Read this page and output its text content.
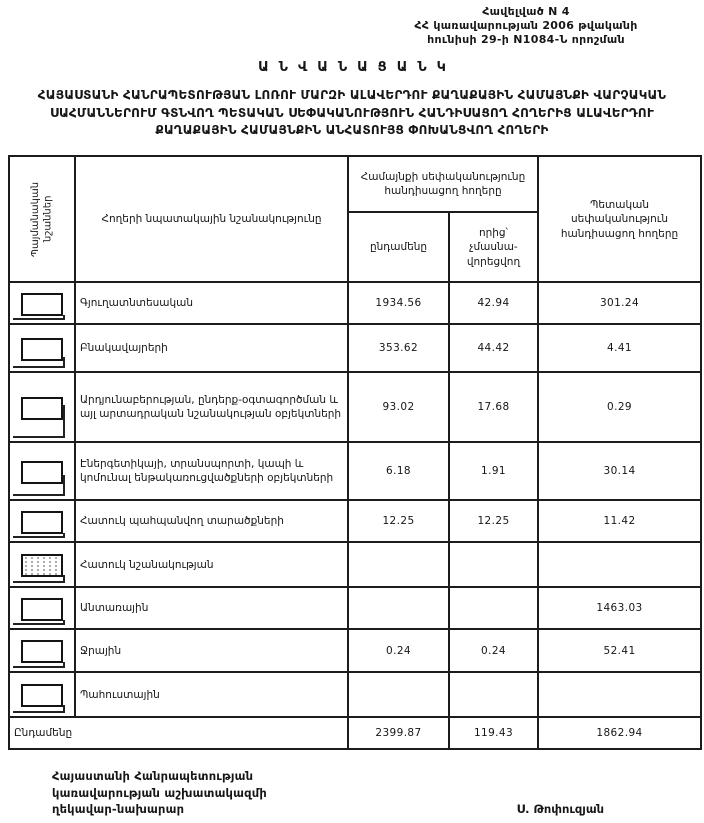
Հավելված N 4
ՀՀ կառավարության 2006 թվականի
հունիսի 29-ի N1084-Ն որոշման
ԱՆՎԱՆԱՑԱՆԿ

ՀԱՅԱՍՏԱՆԻ ՀԱՆՐԱՊԵՏՈՒԹՅԱՆ ԼՈՌՈՒ ՄԱՐԶԻ ԱԼԱՎԵՐԴՈՒ ՔԱՂԱՔԱՅԻՆ ՀԱՄԱՅՆՔԻ ՎԱՐՉԱԿԱՆ ՍԱՀՄԱՆՆԵՐՈՒՄ ԳՏՆՎՈՂ ՊԵՏԱԿԱՆ ՍԵՓԱԿԱՆՈՒԹՅՈՒՆ ՀԱՆԴԻՍԱՑՈՂ ՀՈՂԵՐԻՑ ԱԼԱՎԵՐԴՈՒ ՔԱՂԱՔԱՅԻՆ ՀԱՄԱՅՆՔԻՆ ԱՆՀԱՏՈՒՅՑ ՓՈԽԱՆՑՎՈՂ ՀՈՂԵՐԻ

Պայմանական նշաններ	Հողերի նպատակային նշանակությունը	Համայնքի սեփականությունը հանդիսացող հողերը		Պետական սեփականություն հանդիսացող հողերը
		ընդամենը	որից՝
չմասնա-
վորեցվող	

	Գյուղատնտեսական	1934.56	42.94	301.24

	Բնակավայրերի	353.62	44.42	4.41

	Արդյունաբերության, ընդերք-օգտագործման և այլ արտադրական նշանակության օբյեկտների	93.02	17.68	0.29

	Էներգետիկայի, տրանսպորտի, կապի և կոմունալ ենթակառուցվածքների օբյեկտների	6.18	1.91	30.14

	Հատուկ պահպանվող տարածքների	12.25	12.25	11.42

	Հատուկ նշանակության			

	Անտառային			1463.03

	Ջրային	0.24	0.24	52.41

	Պահուստային			
Ընդամենը		2399.87	119.43	1862.94
Հայաստանի Հանրապետության
կառավարության աշխատակազմի
ղեկավար-նախարար	Ս. Թոփուզյան
